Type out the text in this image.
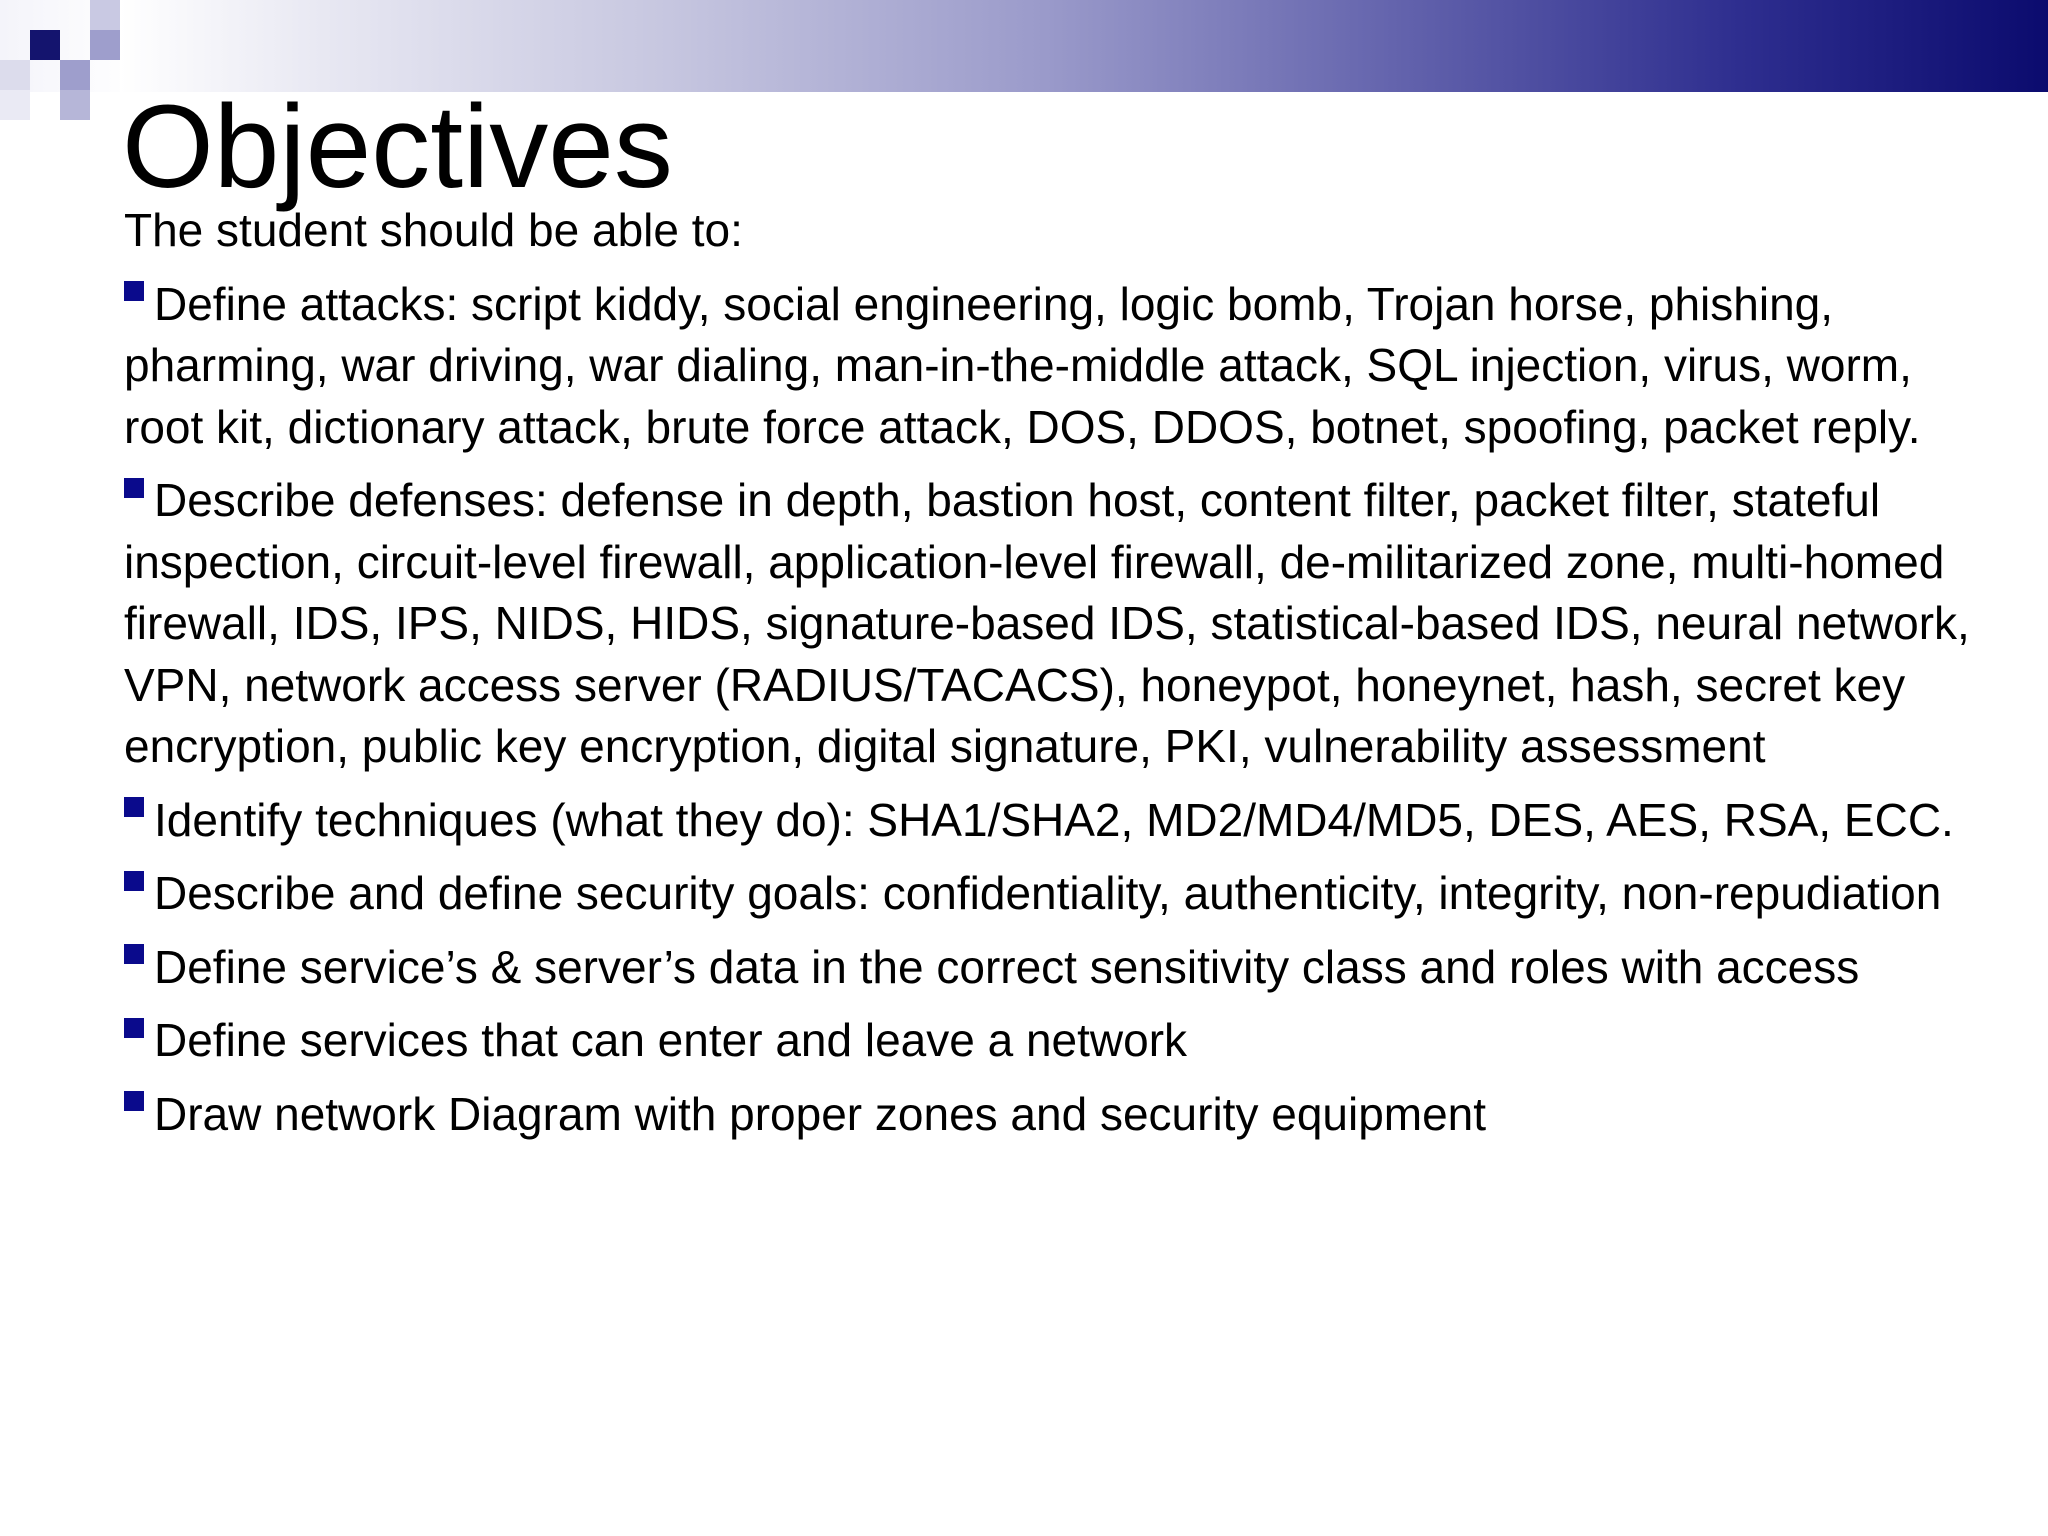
Objectives

The student should be able to:

Define attacks: script kiddy, social engineering, logic bomb, Trojan horse, phishing, pharming, war driving, war dialing, man-in-the-middle attack, SQL injection, virus, worm, root kit, dictionary attack, brute force attack, DOS, DDOS, botnet, spoofing, packet reply.

Describe defenses: defense in depth, bastion host, content filter, packet filter, stateful inspection, circuit-level firewall, application-level firewall, de-militarized zone, multi-homed firewall, IDS, IPS, NIDS, HIDS, signature-based IDS, statistical-based IDS, neural network, VPN, network access server (RADIUS/TACACS), honeypot, honeynet, hash, secret key encryption, public key encryption, digital signature, PKI, vulnerability assessment

Identify techniques (what they do): SHA1/SHA2, MD2/MD4/MD5, DES, AES, RSA, ECC.

Describe and define security goals: confidentiality, authenticity, integrity, non-repudiation

Define service’s & server’s data in the correct sensitivity class and roles with access

Define services that can enter and leave a network

Draw network Diagram with proper zones and security equipment
